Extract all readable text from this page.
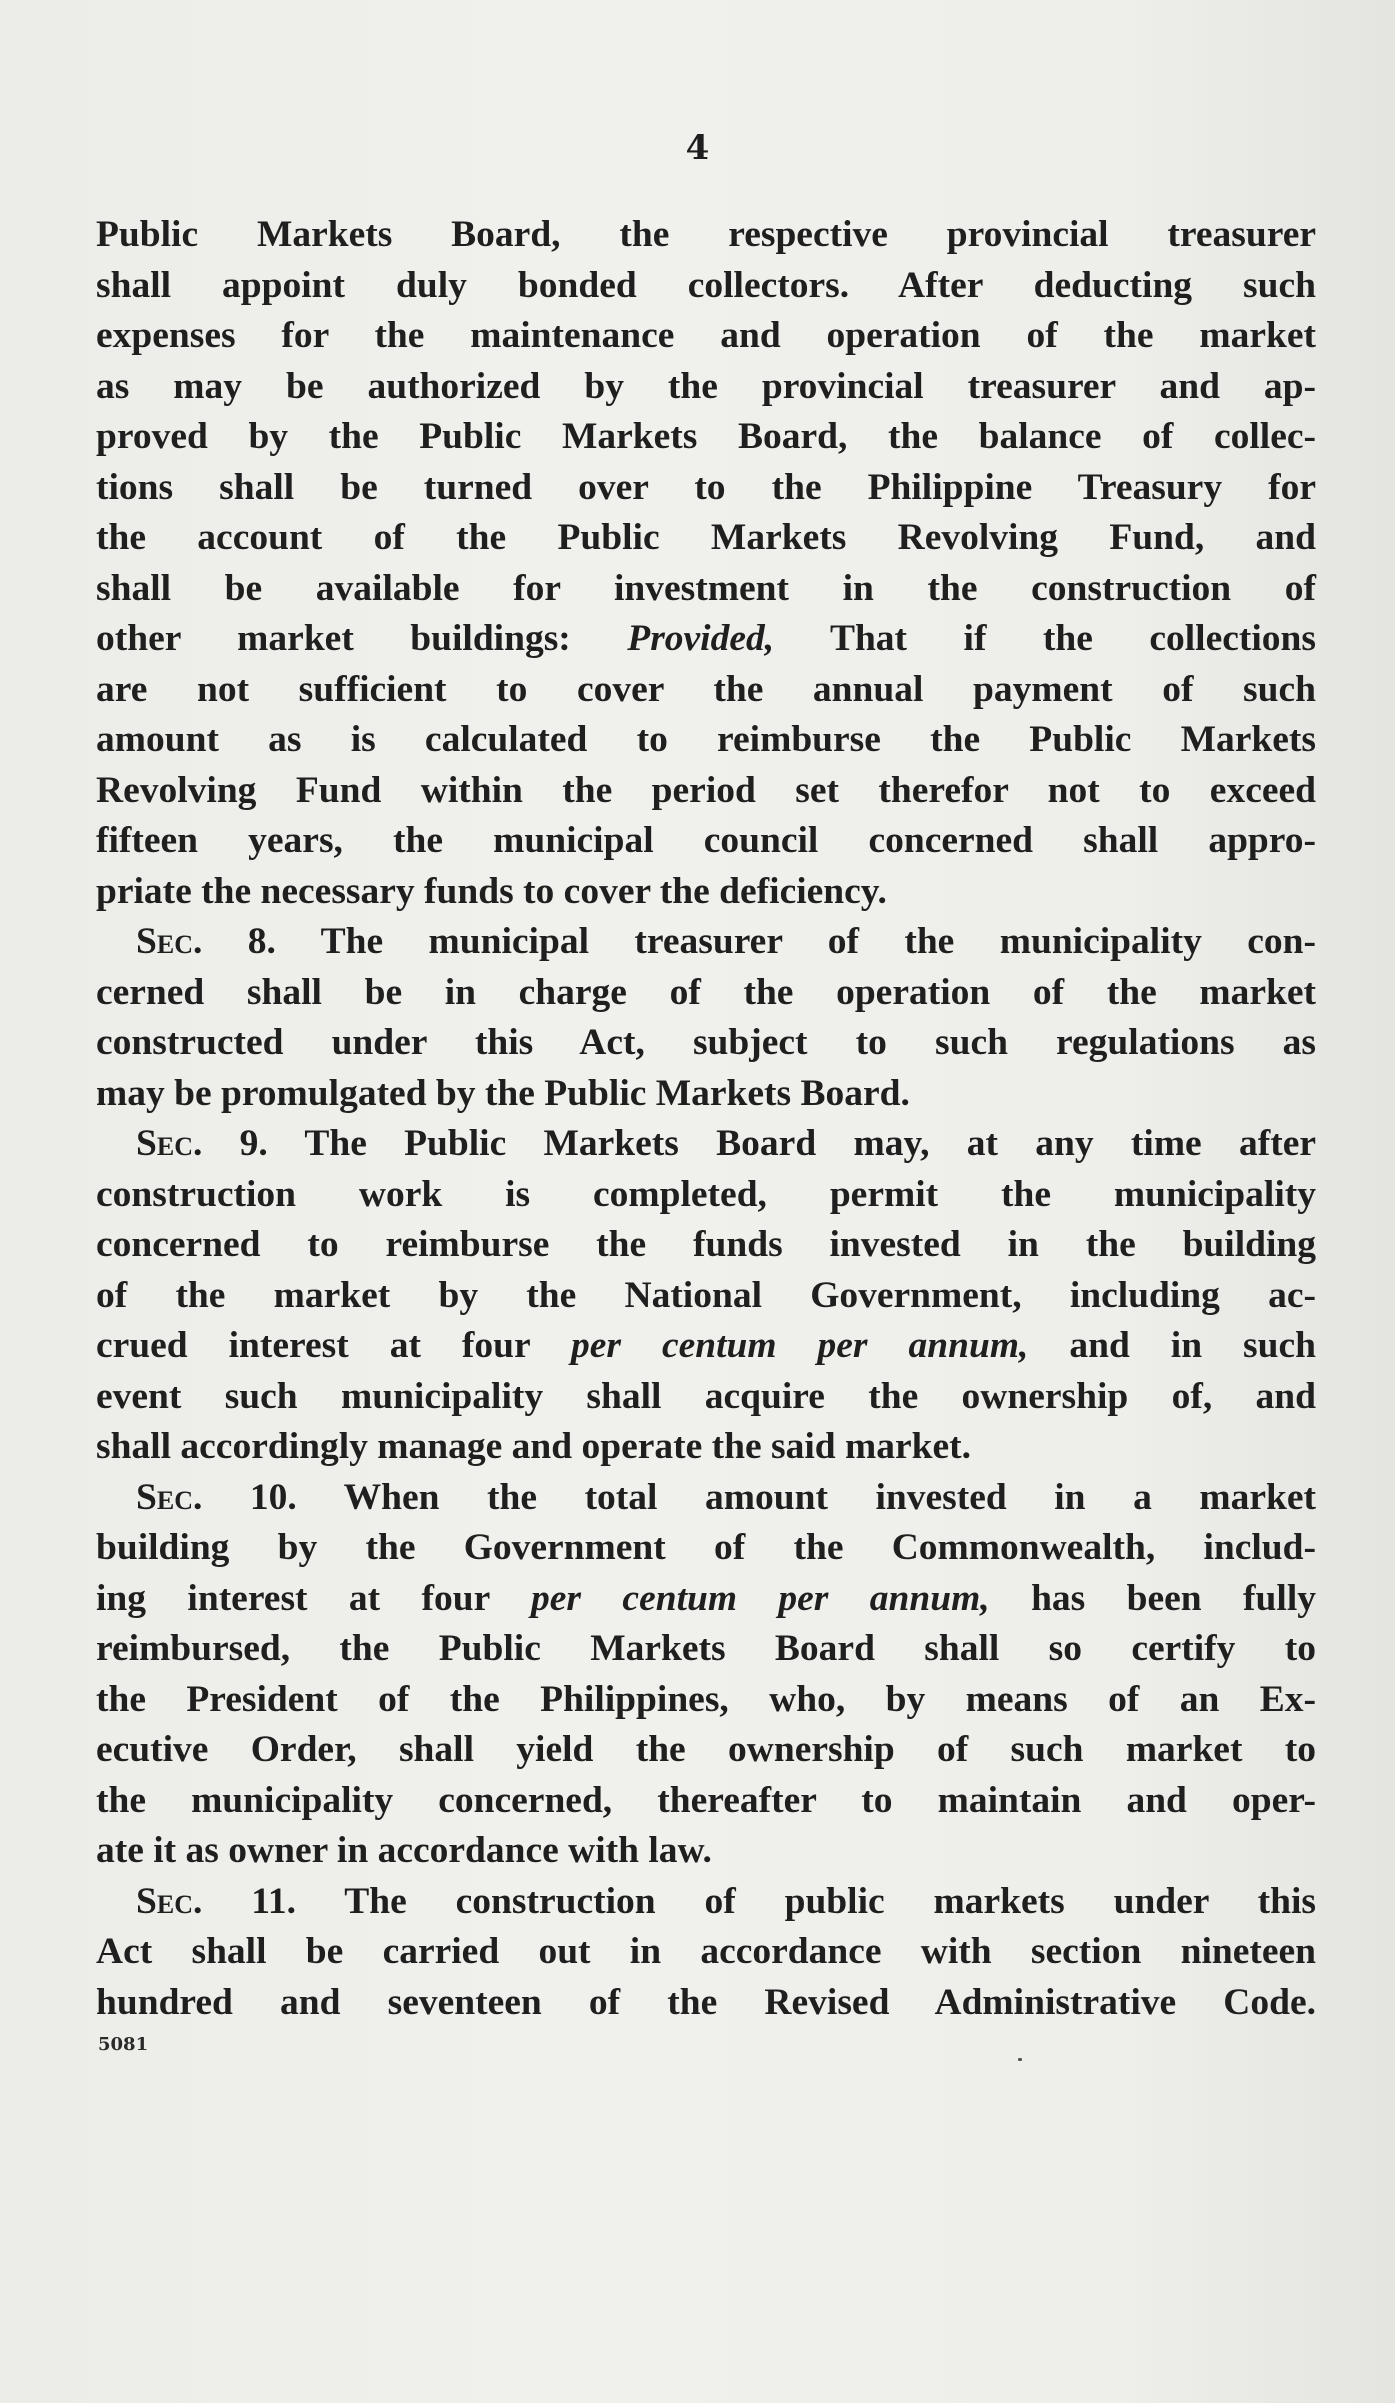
4

Public Markets Board, the respective provincial treasurer
shall appoint duly bonded collectors. After deducting such
expenses for the maintenance and operation of the market
as may be authorized by the provincial treasurer and ap-
proved by the Public Markets Board, the balance of collec-
tions shall be turned over to the Philippine Treasury for
the account of the Public Markets Revolving Fund, and
shall be available for investment in the construction of
other market buildings: Provided, That if the collections
are not sufficient to cover the annual payment of such
amount as is calculated to reimburse the Public Markets
Revolving Fund within the period set therefor not to exceed
fifteen years, the municipal council concerned shall appro-
priate the necessary funds to cover the deficiency.

Sec. 8. The municipal treasurer of the municipality con-
cerned shall be in charge of the operation of the market
constructed under this Act, subject to such regulations as
may be promulgated by the Public Markets Board.

Sec. 9. The Public Markets Board may, at any time after
construction work is completed, permit the municipality
concerned to reimburse the funds invested in the building
of the market by the National Government, including ac-
crued interest at four per centum per annum, and in such
event such municipality shall acquire the ownership of, and
shall accordingly manage and operate the said market.

Sec. 10. When the total amount invested in a market
building by the Government of the Commonwealth, includ-
ing interest at four per centum per annum, has been fully
reimbursed, the Public Markets Board shall so certify to
the President of the Philippines, who, by means of an Ex-
ecutive Order, shall yield the ownership of such market to
the municipality concerned, thereafter to maintain and oper-
ate it as owner in accordance with law.

Sec. 11. The construction of public markets under this
Act shall be carried out in accordance with section nineteen
hundred and seventeen of the Revised Administrative Code.

5081
